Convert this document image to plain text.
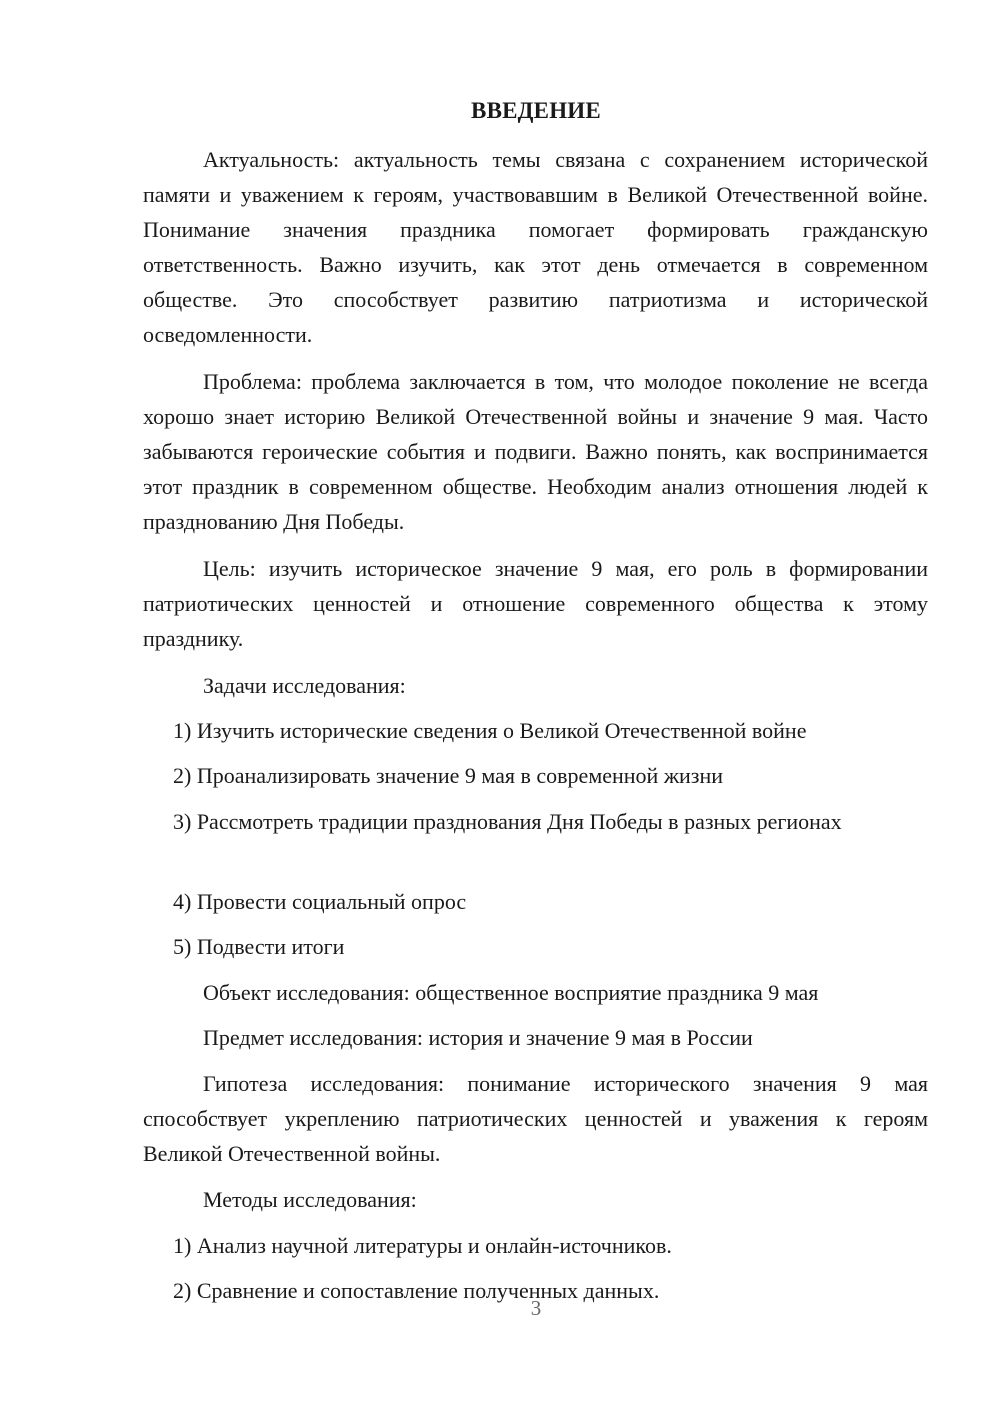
ВВЕДЕНИЕ
Актуальность: актуальность темы связана с сохранением исторической памяти и уважением к героям, участвовавшим в Великой Отечественной войне. Понимание значения праздника помогает формировать гражданскую ответственность. Важно изучить, как этот день отмечается в современном обществе. Это способствует развитию патриотизма и исторической осведомленности.
Проблема: проблема заключается в том, что молодое поколение не всегда хорошо знает историю Великой Отечественной войны и значение 9 мая. Часто забываются героические события и подвиги. Важно понять, как воспринимается этот праздник в современном обществе. Необходим анализ отношения людей к празднованию Дня Победы.
Цель: изучить историческое значение 9 мая, его роль в формировании патриотических ценностей и отношение современного общества к этому празднику.
Задачи исследования:
1) Изучить исторические сведения о Великой Отечественной войне
2) Проанализировать значение 9 мая в современной жизни
3) Рассмотреть традиции празднования Дня Победы в разных регионах
4) Провести социальный опрос
5) Подвести итоги
Объект исследования: общественное восприятие праздника 9 мая
Предмет исследования: история и значение 9 мая в России
Гипотеза исследования: понимание исторического значения 9 мая способствует укреплению патриотических ценностей и уважения к героям Великой Отечественной войны.
Методы исследования:
1) Анализ научной литературы и онлайн-источников.
2) Сравнение и сопоставление полученных данных.
3
